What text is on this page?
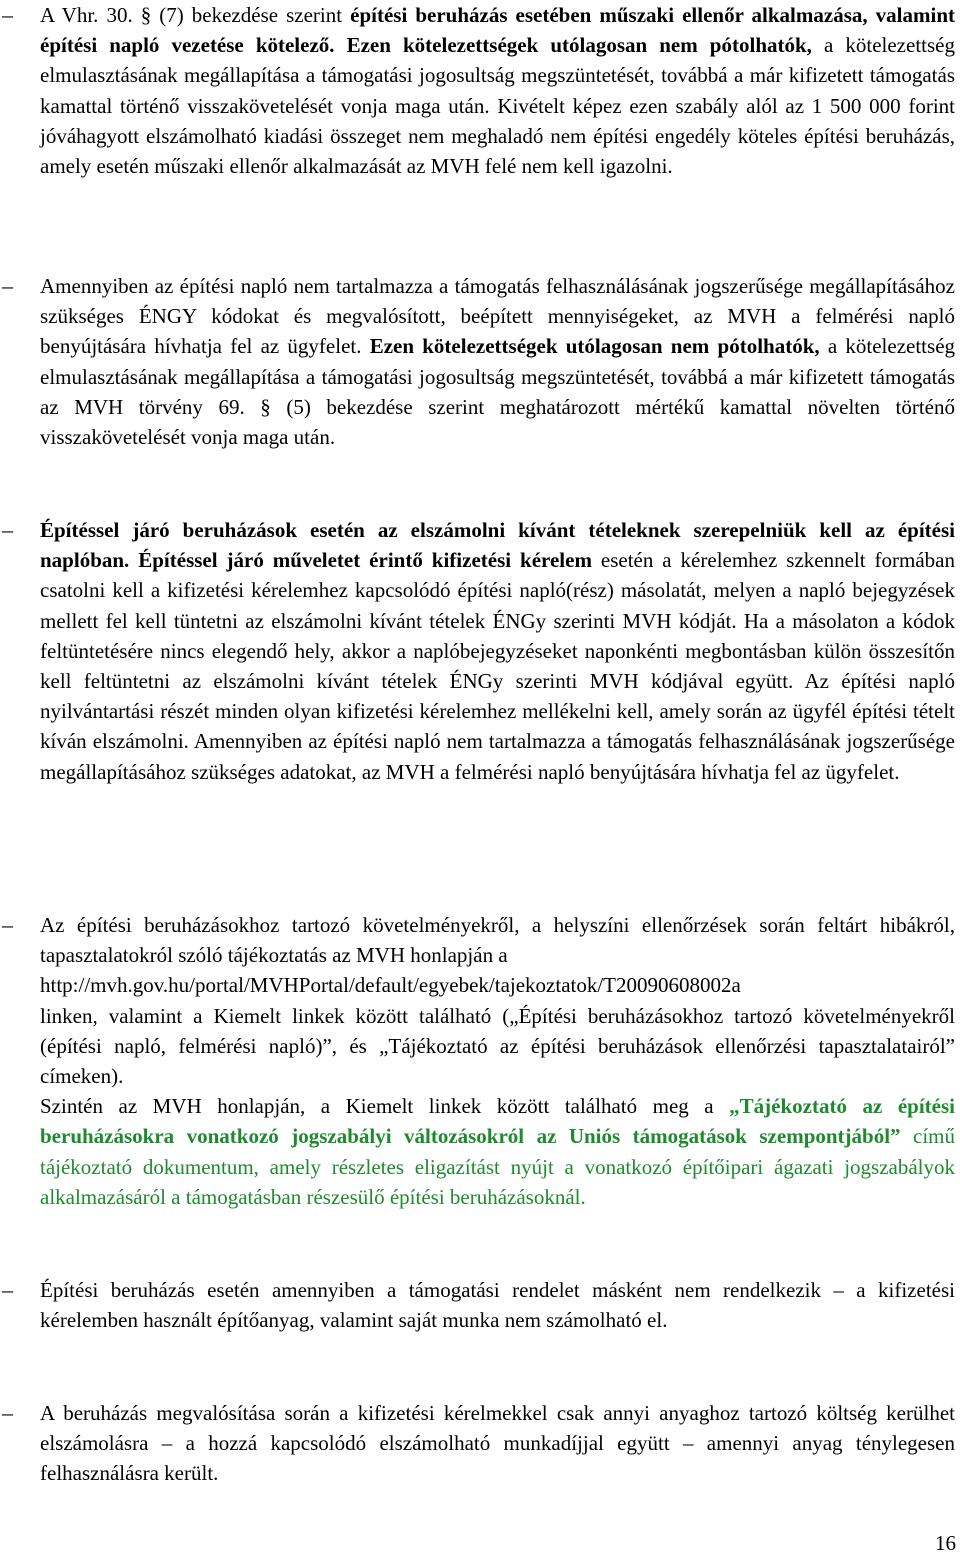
–	A Vhr. 30. § (7) bekezdése szerint építési beruházás esetében műszaki ellenőr alkalmazása, valamint építési napló vezetése kötelező. Ezen kötelezettségek utólagosan nem pótolhatók, a kötelezettség elmulasztásának megállapítása a támogatási jogosultság megszüntetését, továbbá a már kifizetett támogatás kamattal történő visszakövetelését vonja maga után. Kivételt képez ezen szabály alól az 1 500 000 forint jóváhagyott elszámolható kiadási összeget nem meghaladó nem építési engedély köteles építési beruházás, amely esetén műszaki ellenőr alkalmazását az MVH felé nem kell igazolni.

–	Amennyiben az építési napló nem tartalmazza a támogatás felhasználásának jogszerűsége megállapításához szükséges ÉNGY kódokat és megvalósított, beépített mennyiségeket, az MVH a felmérési napló benyújtására hívhatja fel az ügyfelet. Ezen kötelezettségek utólagosan nem pótolhatók, a kötelezettség elmulasztásának megállapítása a támogatási jogosultság megszüntetését, továbbá a már kifizetett támogatás az MVH törvény 69. § (5) bekezdése szerint meghatározott mértékű kamattal növelten történő visszakövetelését vonja maga után.

–	Építéssel járó beruházások esetén az elszámolni kívánt tételeknek szerepelniük kell az építési naplóban. Építéssel járó műveletet érintő kifizetési kérelem esetén a kérelemhez szkennelt formában csatolni kell a kifizetési kérelemhez kapcsolódó építési napló(rész) másolatát, melyen a napló bejegyzések mellett fel kell tüntetni az elszámolni kívánt tételek ÉNGy szerinti MVH kódját. Ha a másolaton a kódok feltüntetésére nincs elegendő hely, akkor a naplóbejegyzéseket naponkénti megbontásban külön összesítőn kell feltüntetni az elszámolni kívánt tételek ÉNGy szerinti MVH kódjával együtt. Az építési napló nyilvántartási részét minden olyan kifizetési kérelemhez mellékelni kell, amely során az ügyfél építési tételt kíván elszámolni. Amennyiben az építési napló nem tartalmazza a támogatás felhasználásának jogszerűsége megállapításához szükséges adatokat, az MVH a felmérési napló benyújtására hívhatja fel az ügyfelet.

–	Az építési beruházásokhoz tartozó követelményekről, a helyszíni ellenőrzések során feltárt hibákról, tapasztalatokról szóló tájékoztatás az MVH honlapján a

http://mvh.gov.hu/portal/MVHPortal/default/egyebek/tajekoztatok/T20090608002a

linken, valamint a Kiemelt linkek között található („Építési beruházásokhoz tartozó követelményekről (építési napló, felmérési napló)”, és „Tájékoztató az építési beruházások ellenőrzési tapasztalatairól” címeken).

Szintén az MVH honlapján, a Kiemelt linkek között található meg a „Tájékoztató az építési beruházásokra vonatkozó jogszabályi változásokról az Uniós támogatások szempontjából” című tájékoztató dokumentum, amely részletes eligazítást nyújt a vonatkozó építőipari ágazati jogszabályok alkalmazásáról a támogatásban részesülő építési beruházásoknál.

–	Építési beruházás esetén amennyiben a támogatási rendelet másként nem rendelkezik – a kifizetési kérelemben használt építőanyag, valamint saját munka nem számolható el.

–	A beruházás megvalósítása során a kifizetési kérelmekkel csak annyi anyaghoz tartozó költség kerülhet elszámolásra – a hozzá kapcsolódó elszámolható munkadíjjal együtt – amennyi anyag ténylegesen felhasználásra került.

16
